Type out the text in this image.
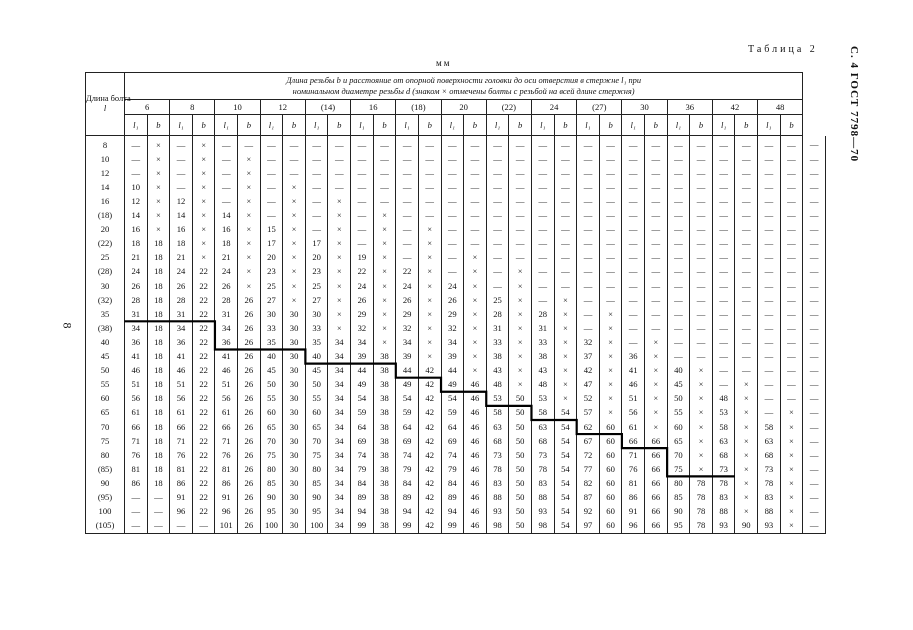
С. 4 ГОСТ 7798—70
8
Таблица 2
мм
Длина болта
l	Длина резьбы b и расстояние от опорной поверхности головки до оси отверстия в стержне l₁ при
номинальном диаметре резьбы d (знаком × отмечены болты с резьбой на всей длине стержня)																														
	6		8		10		12		(14)		16		(18)		20		(22)		24		(27)		30		36		42		48		
	l₁	b	l₁	b	l₁	b	l₁	b	l₁	b	l₁	b	l₁	b	l₁	b	l₁	b	l₁	b	l₁	b	l₁	b	l₁	b	l₁	b	l₁	b	
8	—	×	—	×	—	—	—	—	—	—	—	—	—	—	—	—	—	—	—	—	—	—	—	—	—	—	—	—	—	—	—
10	—	×	—	×	—	×	—	—	—	—	—	—	—	—	—	—	—	—	—	—	—	—	—	—	—	—	—	—	—	—	—
12	—	×	—	×	—	×	—	—	—	—	—	—	—	—	—	—	—	—	—	—	—	—	—	—	—	—	—	—	—	—	—
14	10	×	—	×	—	×	—	×	—	—	—	—	—	—	—	—	—	—	—	—	—	—	—	—	—	—	—	—	—	—	—
16	12	×	12	×	—	×	—	×	—	×	—	—	—	—	—	—	—	—	—	—	—	—	—	—	—	—	—	—	—	—	—
(18)	14	×	14	×	14	×	—	×	—	×	—	×	—	—	—	—	—	—	—	—	—	—	—	—	—	—	—	—	—	—	—
20	16	×	16	×	16	×	15	×	—	×	—	×	—	×	—	—	—	—	—	—	—	—	—	—	—	—	—	—	—	—	—
(22)	18	18	18	×	18	×	17	×	17	×	—	×	—	×	—	—	—	—	—	—	—	—	—	—	—	—	—	—	—	—	—
25	21	18	21	×	21	×	20	×	20	×	19	×	—	×	—	×	—	—	—	—	—	—	—	—	—	—	—	—	—	—	—
(28)	24	18	24	22	24	×	23	×	23	×	22	×	22	×	—	×	—	×	—	—	—	—	—	—	—	—	—	—	—	—	—
30	26	18	26	22	26	×	25	×	25	×	24	×	24	×	24	×	—	×	—	—	—	—	—	—	—	—	—	—	—	—	—
(32)	28	18	28	22	28	26	27	×	27	×	26	×	26	×	26	×	25	×	—	×	—	—	—	—	—	—	—	—	—	—	—
35	31	18	31	22	31	26	30	30	30	×	29	×	29	×	29	×	28	×	28	×	—	×	—	—	—	—	—	—	—	—	—
(38)	34	18	34	22	34	26	33	30	33	×	32	×	32	×	32	×	31	×	31	×	—	×	—	—	—	—	—	—	—	—	—
40	36	18	36	22	36	26	35	30	35	34	34	×	34	×	34	×	33	×	33	×	32	×	—	×	—	—	—	—	—	—	—
45	41	18	41	22	41	26	40	30	40	34	39	38	39	×	39	×	38	×	38	×	37	×	36	×	—	—	—	—	—	—	—
50	46	18	46	22	46	26	45	30	45	34	44	38	44	42	44	×	43	×	43	×	42	×	41	×	40	×	—	—	—	—	—
55	51	18	51	22	51	26	50	30	50	34	49	38	49	42	49	46	48	×	48	×	47	×	46	×	45	×	—	×	—	—	—
60	56	18	56	22	56	26	55	30	55	34	54	38	54	42	54	46	53	50	53	×	52	×	51	×	50	×	48	×	—	—	—
65	61	18	61	22	61	26	60	30	60	34	59	38	59	42	59	46	58	50	58	54	57	×	56	×	55	×	53	×	—	×	—
70	66	18	66	22	66	26	65	30	65	34	64	38	64	42	64	46	63	50	63	54	62	60	61	×	60	×	58	×	58	×	—
75	71	18	71	22	71	26	70	30	70	34	69	38	69	42	69	46	68	50	68	54	67	60	66	66	65	×	63	×	63	×	—
80	76	18	76	22	76	26	75	30	75	34	74	38	74	42	74	46	73	50	73	54	72	60	71	66	70	×	68	×	68	×	—
(85)	81	18	81	22	81	26	80	30	80	34	79	38	79	42	79	46	78	50	78	54	77	60	76	66	75	×	73	×	73	×	—
90	86	18	86	22	86	26	85	30	85	34	84	38	84	42	84	46	83	50	83	54	82	60	81	66	80	78	78	×	78	×	—
(95)	—	—	91	22	91	26	90	30	90	34	89	38	89	42	89	46	88	50	88	54	87	60	86	66	85	78	83	×	83	×	—
100	—	—	96	22	96	26	95	30	95	34	94	38	94	42	94	46	93	50	93	54	92	60	91	66	90	78	88	×	88	×	—
(105)	—	—	—	—	101	26	100	30	100	34	99	38	99	42	99	46	98	50	98	54	97	60	96	66	95	78	93	90	93	×	—
